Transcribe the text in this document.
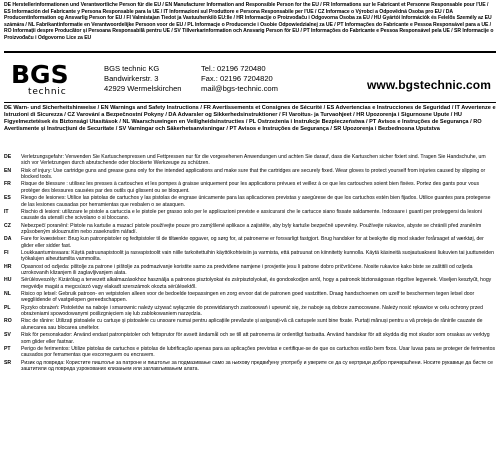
DE Herstellerinformationen und Verantwortliche Person für die EU / EN Manufacturer Information and Responsible Person for the EU / FR Informations sur le Fabricant et Personne Responsable pour l'UE / ES Información del Fabricante y Persona Responsable para la UE / IT Informazioni sul Produttore e Persona Responsabile per l'UE / CZ Informace o Výrobci a Odpovědná Osoba pro EU / DA Producentinformation og Ansvarlig Person for EU / FI Valmistajan Tiedot ja Vastuuhenkilö EU:lle / HR Informacije o Proizvođaču i Odgovorna Osoba za EU / HU Gyártói Információk és Felelős Személy az EU számára / NL Fabrikantinformatie en Verantwoordelijke Persoon voor de EU / PL Informacje o Producencie i Osobie Odpowiedzialnej za UE / PT Informações do Fabricante e Pessoa Responsável para a UE / RO Informații despre Producător și Persoana Responsabilă pentru UE / SV Tillverkarinformation och Ansvarig Person för EU / PT Informações do Fabricante e Pessoa Responsável pela UE / SR Informacije o Proizvođaču i Odgovorno Lice za EU
BGS
technic
BGS technic KG
Bandwirkerstr. 3
42929 Wermelskirchen
Tel.: 02196 720480
Fax.: 02196 7204820
mail@bgs-technic.com	www.bgstechnic.com
DE Warn- und Sicherheitshinweise / EN Warnings and Safety Instructions / FR Avertissements et Consignes de Sécurité / ES Advertencias e Instrucciones de Seguridad / IT Avvertenze e Istruzioni di Sicurezza / CZ Varování a Bezpečnostní Pokyny / DA Advarsler og Sikkerhedsinstruktioner / FI Varoitus- ja Turvaohjeet / HR Upozorenja i Sigurnosne Upute / HU Figyelmeztetések és Biztonsági Utasítások / NL Waarschuwingen en Veiligheidsinstructies / PL Ostrzeżenia i Instrukcje Bezpieczeństwa / PT Avisos e Instruções de Segurança / RO Avertismente și Instrucțiuni de Securitate / SV Varningar och Säkerhetsanvisningar / PT Avisos e Instruções de Segurança / SR Upozorenja i Bezbednosna Uputstva
DE	Verletzungsgefahr: Verwenden Sie Kartuschenpressen und Fettpressen nur für die vorgesehenen Anwendungen und achten Sie darauf, dass die Kartuschen sicher fixiert sind. Tragen Sie Handschuhe, um sich vor Verletzungen durch abrutschende oder blockierte Werkzeuge zu schützen.
EN	Risk of injury: Use cartridge guns and grease guns only for the intended applications and make sure that the cartridges are securely fixed. Wear gloves to protect yourself from injuries caused by slipping or blocked tools.
FR	Risque de blessure : utilisez les presses à cartouches et les pompes à graisse uniquement pour les applications prévues et veillez à ce que les cartouches soient bien fixées. Portez des gants pour vous protéger des blessures causées par des outils qui glissent ou se bloquent.
ES	Riesgo de lesiones: Utilice las pistolas de cartuchos y las pistolas de engrase únicamente para las aplicaciones previstas y asegúrese de que los cartuchos estén bien fijados. Utilice guantes para protegerse de las lesiones causadas por herramientas que resbalen o se atasquen.
IT	Rischio di lesioni: utilizzare le pistole a cartuccia e le pistole per grasso solo per le applicazioni previste e assicurarsi che le cartucce siano fissate saldamente. Indossare i guanti per proteggersi da lesioni causate da utensili che scivolano o si bloccano.
CZ	Nebezpečí poranění: Pistole na kartuše a mazací pistole používejte pouze pro zamýšlené aplikace a zajistěte, aby byly kartuše bezpečně upevněny. Používejte rukavice, abyste se chránili před zraněním způsobeným sklouznutím nebo zaseknutím nářadí.
DA	Fare for kvæstelser: Brug kun patronpistoler og fedtpistoler til de tiltænkte opgaver, og sørg for, at patronerne er forsvarligt fastgjort. Brug handsker for at beskytte dig mod skader forårsaget af værktøj, der glider eller sidder fast.
FI	Loukkaantumisvaara: Käytä patruunapistoolit ja rasvapistoolit vain niille tarkoitettuihin käyttökohteisiin ja varmista, että patruunat on kiinnitetty kunnolla. Käytä käsineitä suojautuaksesi liukuvien tai juuttuneiden työkalujen aiheuttamilta vammoilta.
HR	Opasnost od ozljeda: pištolje za patrone i pištolje za podmazivanje koristite samo za predviđene namjene i provjerite jesu li patrone dobro pričvršćene. Nosite rukavice kako biste se zaštitili od ozljeda uzrokovanih klizanjem ili zaglavljivanjem alata.
HU	Sérülésveszély: Kizárólag a tervezett alkalmazásokhoz használja a patronos pisztolyokat és zsírpisztolyokat, és gondoskodjon arról, hogy a patronok biztonságosan rögzítve legyenek. Viseljen kesztyűt, hogy megvédje magát a megcsúszó vagy elakadt szerszámok okozta sérülésektől.
NL	Risico op letsel: Gebruik patroon- en vetpistolen alleen voor de bedoelde toepassingen en zorg ervoor dat de patronen goed vastzitten. Draag handschoenen om uzelf te beschermen tegen letsel door weggliidende of vastgelopen gereedschappen.
PL	Ryzyko obrażeń: Pistoletów na naboje i smarownic należy używać wyłącznie do przewidzianych zastosowań i upewnić się, że naboje są dobrze zamocowane. Należy nosić rękawice w celu ochrony przed obrażeniami spowodowanymi poślizgnięciem się lub zablokowaniem narzędzia.
RO	Risc de rănire: Utilizați pistoalele cu cartușe și pistoalele cu unsoare numai pentru aplicațiile prevăzute și asigurați-vă că cartușele sunt bine fixate. Purtați mănuși pentru a vă proteja de rănirile cauzate de alunecarea sau blocarea uneltelor.
SV	Risk för personskador: Använd endast patronpistoler och fettsprutor för avsett ändamål och se till att patronerna är ordentligt fastsatta. Använd handskar för att skydda dig mot skador som orsakas av verktyg som glider eller fastnar.
PT	Perigo de ferimentos: Utilize pistolas de cartuchos e pistolas de lubrificação apenas para as aplicações previstas e certifique-se de que os cartuchos estão bem fixos. Usar luvas para se proteger de ferimentos causados por ferramentas que escorreguem ou encravem.
SR	Ризик од повреда: Користите пиштоље за патроне и пиштоље за подмазивање само за њихову предвиђену употребу и уверите се да су кертриџи добро причвршћени. Носите рукавице да бисте се заштитили од повреда узрокованих клизањем или заглављивањем алата.
